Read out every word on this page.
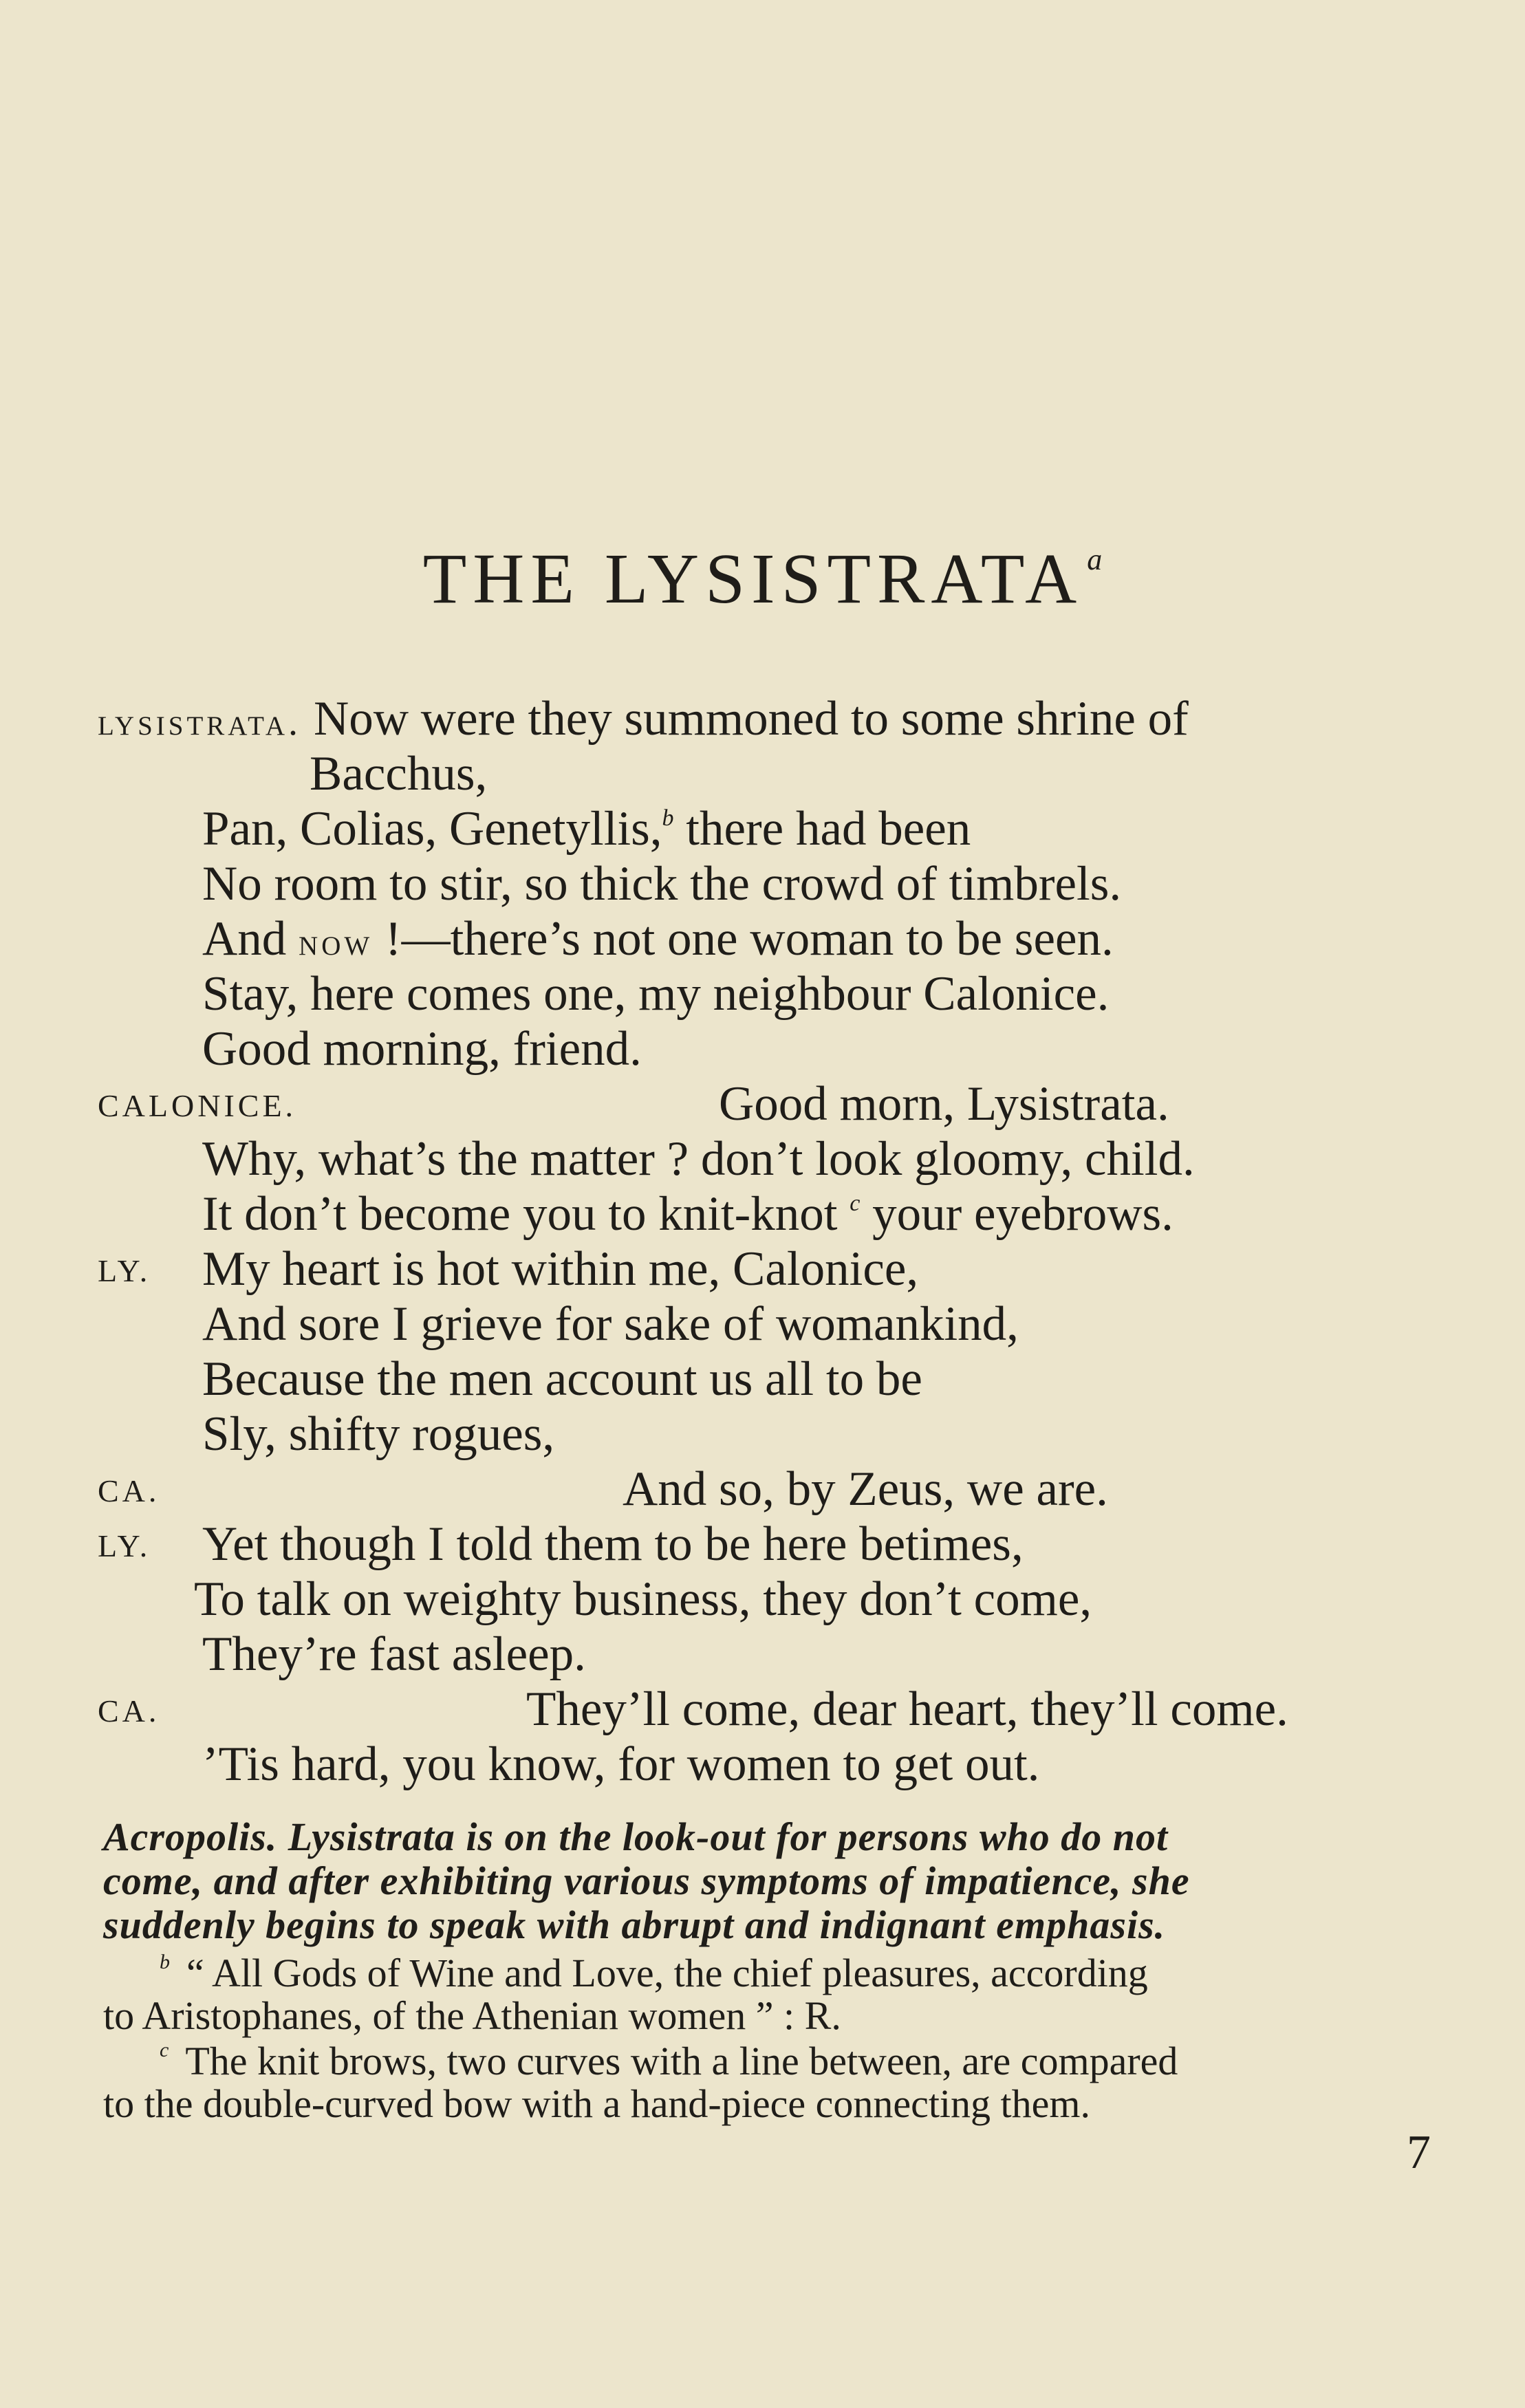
THE LYSISTRATA $^a$
lysistrata. Now were they summoned to some shrine of
Bacchus,
Pan, Colias, Genetyllis,$^b$ there had been
No room to stir, so thick the crowd of timbrels.
And now !—there’s not one woman to be seen.
Stay, here comes one, my neighbour Calonice.
Good morning, friend.
CALONICE.	Good morn, Lysistrata.
Why, what’s the matter ? don’t look gloomy, child.
It don’t become you to knit-knot $^c$ your eyebrows.
LY. My heart is hot within me, Calonice,
And sore I grieve for sake of womankind,
Because the men account us all to be
Sly, shifty rogues,
CA.	And so, by Zeus, we are.
LY. Yet though I told them to be here betimes,
To talk on weighty business, they don’t come,
They’re fast asleep.
CA.	They’ll come, dear heart, they’ll come.
’Tis hard, you know, for women to get out.
Acropolis. Lysistrata is on the look-out for persons who do not
come, and after exhibiting various symptoms of impatience, she
suddenly begins to speak with abrupt and indignant emphasis.
$^b$ “ All Gods of Wine and Love, the chief pleasures, according
to Aristophanes, of the Athenian women ” : R.
$^c$ The knit brows, two curves with a line between, are compared
to the double-curved bow with a hand-piece connecting them.
7
